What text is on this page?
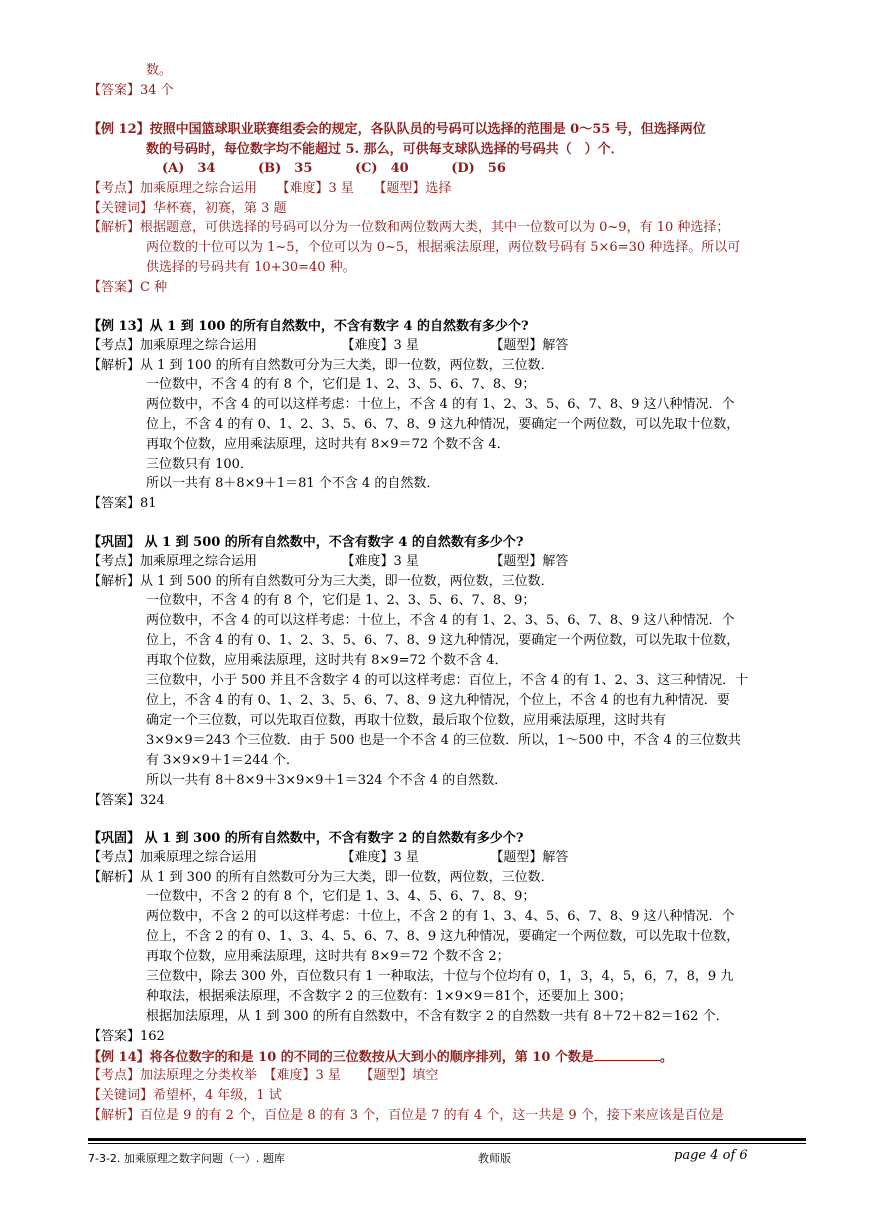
数。
【答案】34 个
【例 12】按照中国篮球职业联赛组委会的规定，各队队员的号码可以选择的范围是 0～55 号，但选择两位
数的号码时，每位数字均不能超过 5. 那么，可供每支球队选择的号码共（　）个．
【考点】加乘原理之综合运用　　【难度】3 星　　【题型】选择
【关键词】华杯赛，初赛，第 3 题
【解析】根据题意，可供选择的号码可以分为一位数和两位数两大类，其中一位数可以为 0~9，有 10 种选择；
两位数的十位可以为 1~5，个位可以为 0~5，根据乘法原理，两位数号码有 5×6=30 种选择。所以可
供选择的号码共有 10+30=40 种。
【答案】C 种
【例 13】从 1 到 100 的所有自然数中，不含有数字 4 的自然数有多少个?
【考点】加乘原理之综合运用　　　　　　　【难度】3 星　　　　　　【题型】解答
【解析】从 1 到 100 的所有自然数可分为三大类，即一位数，两位数，三位数．
一位数中，不含 4 的有 8 个，它们是 1、2、3、5、6、7、8、9；
两位数中，不含 4 的可以这样考虑：十位上，不含 4 的有 1、2、3、5、6、7、8、9 这八种情况．个
位上，不含 4 的有 0、1、2、3、5、6、7、8、9 这九种情况，要确定一个两位数，可以先取十位数，
再取个位数，应用乘法原理，这时共有 8×9＝72 个数不含 4．
三位数只有 100．
所以一共有 8＋8×9＋1＝81 个不含 4 的自然数．
【答案】81
【巩固】 从 1 到 500 的所有自然数中，不含有数字 4 的自然数有多少个?
【考点】加乘原理之综合运用　　　　　　　【难度】3 星　　　　　　【题型】解答
【解析】从 1 到 500 的所有自然数可分为三大类，即一位数，两位数，三位数．
一位数中，不含 4 的有 8 个，它们是 1、2、3、5、6、7、8、9；
两位数中，不含 4 的可以这样考虑：十位上，不含 4 的有 1、2、3、5、6、7、8、9 这八种情况．个
位上，不含 4 的有 0、1、2、3、5、6、7、8、9 这九种情况，要确定一个两位数，可以先取十位数，
再取个位数，应用乘法原理，这时共有 8×9=72 个数不含 4．
三位数中，小于 500 并且不含数字 4 的可以这样考虑：百位上，不含 4 的有 1、2、3、这三种情况．十
位上，不含 4 的有 0、1、2、3、5、6、7、8、9 这九种情况，个位上，不含 4 的也有九种情况．要
确定一个三位数，可以先取百位数，再取十位数，最后取个位数，应用乘法原理，这时共有
3×9×9＝243 个三位数．由于 500 也是一个不含 4 的三位数．所以，1～500 中，不含 4 的三位数共
有 3×9×9＋1＝244 个．
所以一共有 8＋8×9＋3×9×9＋1＝324 个不含 4 的自然数．
【答案】324
【巩固】 从 1 到 300 的所有自然数中，不含有数字 2 的自然数有多少个?
【考点】加乘原理之综合运用　　　　　　　【难度】3 星　　　　　　【题型】解答
【解析】从 1 到 300 的所有自然数可分为三大类，即一位数，两位数，三位数．
一位数中，不含 2 的有 8 个，它们是 1、3、4、5、6、7、8、9；
两位数中，不含 2 的可以这样考虑：十位上，不含 2 的有 1、3、4、5、6、7、8、9 这八种情况．个
位上，不含 2 的有 0、1、3、4、5、6、7、8、9 这九种情况，要确定一个两位数，可以先取十位数，
再取个位数，应用乘法原理，这时共有 8×9＝72 个数不含 2；
三位数中，除去 300 外，百位数只有 1 一种取法，十位与个位均有 0，1，3，4，5，6，7，8，9 九
种取法，根据乘法原理，不含数字 2 的三位数有：1×9×9＝81个，还要加上 300；
根据加法原理，从 1 到 300 的所有自然数中，不含有数字 2 的自然数一共有 8＋72＋82＝162 个．
【答案】162
【考点】加法原理之分类枚举　【难度】3 星　　【题型】填空
【关键词】希望杯，4 年级，1 试
【解析】百位是 9 的有 2 个，百位是 8 的有 3 个，百位是 7 的有 4 个，这一共是 9 个，接下来应该是百位是
(A)　34	(B)　35	(C)　40	(D)　56
【例 14】将各位数字的和是 10 的不同的三位数按从大到小的顺序排列，第 10 个数是	。
7-3-2. 加乘原理之数字问题（一）. 题库	教师版	page 4 of 6
